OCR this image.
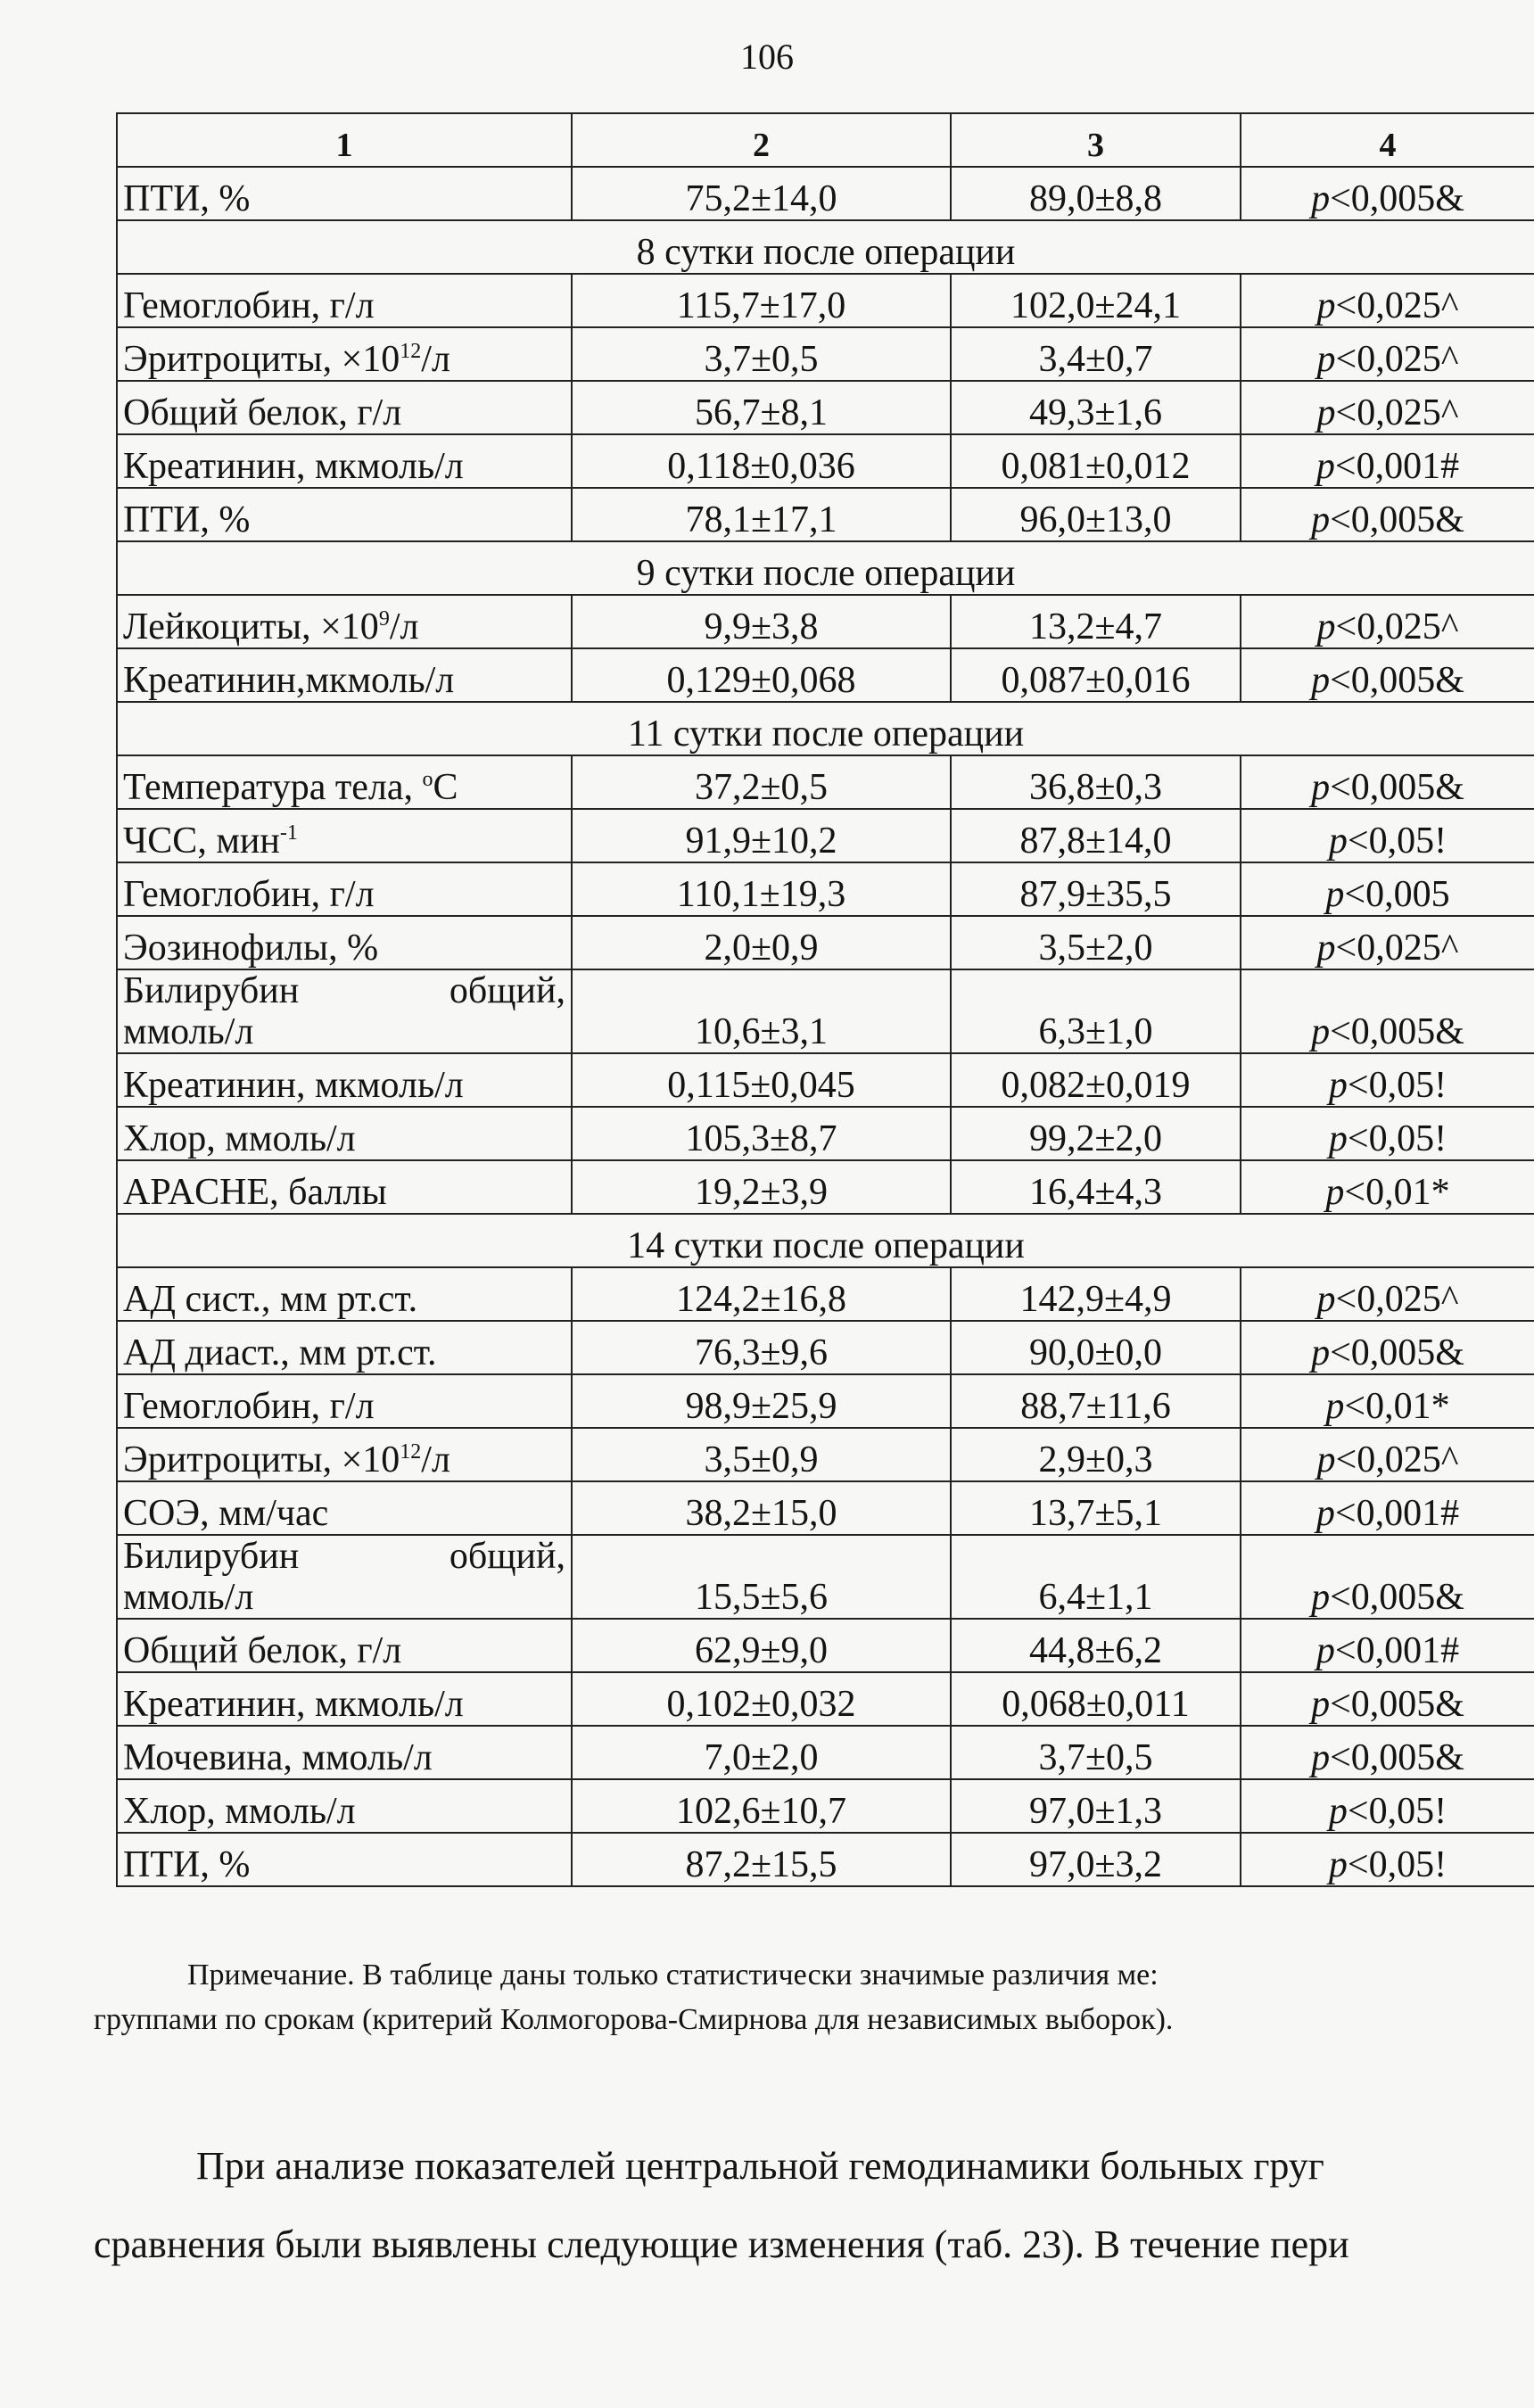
106
1	2	3	4
ПТИ, %	75,2±14,0	89,0±8,8	p<0,005&
8 сутки после операции			
Гемоглобин, г/л	115,7±17,0	102,0±24,1	p<0,025^
Эритроциты, $\times 10^{12}/л$	3,7±0,5	3,4±0,7	p<0,025^
Общий белок, г/л	56,7±8,1	49,3±1,6	p<0,025^
Креатинин, мкмоль/л	0,118±0,036	0,081±0,012	p<0,001#
ПТИ, %	78,1±17,1	96,0±13,0	p<0,005&
9 сутки после операции			
Лейкоциты, $\times 10^9/л$	9,9±3,8	13,2±4,7	p<0,025^
Креатинин,мкмоль/л	0,129±0,068	0,087±0,016	p<0,005&
11 сутки после операции			
Температура тела, $^о$С	37,2±0,5	36,8±0,3	p<0,005&
ЧСС, мин$^{-1}$	91,9±10,2	87,8±14,0	p<0,05!
Гемоглобин, г/л	110,1±19,3	87,9±35,5	p<0,005
Эозинофилы, %	2,0±0,9	3,5±2,0	p<0,025^

Билирубин общий,
ммоль/л	10,6±3,1	6,3±1,0	p<0,005&
Креатинин, мкмоль/л	0,115±0,045	0,082±0,019	p<0,05!
Хлор, ммоль/л	105,3±8,7	99,2±2,0	p<0,05!
APACHE, баллы	19,2±3,9	16,4±4,3	p<0,01*
14 сутки после операции			
АД сист., мм рт.ст.	124,2±16,8	142,9±4,9	p<0,025^
АД диаст., мм рт.ст.	76,3±9,6	90,0±0,0	p<0,005&
Гемоглобин, г/л	98,9±25,9	88,7±11,6	p<0,01*
Эритроциты, $\times 10^{12}/л$	3,5±0,9	2,9±0,3	p<0,025^
СОЭ, мм/час	38,2±15,0	13,7±5,1	p<0,001#

Билирубин общий,
ммоль/л	15,5±5,6	6,4±1,1	p<0,005&
Общий белок, г/л	62,9±9,0	44,8±6,2	p<0,001#
Креатинин, мкмоль/л	0,102±0,032	0,068±0,011	p<0,005&
Мочевина, ммоль/л	7,0±2,0	3,7±0,5	p<0,005&
Хлор, ммоль/л	102,6±10,7	97,0±1,3	p<0,05!
ПТИ, %	87,2±15,5	97,0±3,2	p<0,05!
Примечание. В таблице даны только статистически значимые различия ме:
группами по срокам (критерий Колмогорова-Смирнова для независимых выборок).
При анализе показателей центральной гемодинамики больных груг
сравнения были выявлены следующие изменения (таб. 23). В течение пери
